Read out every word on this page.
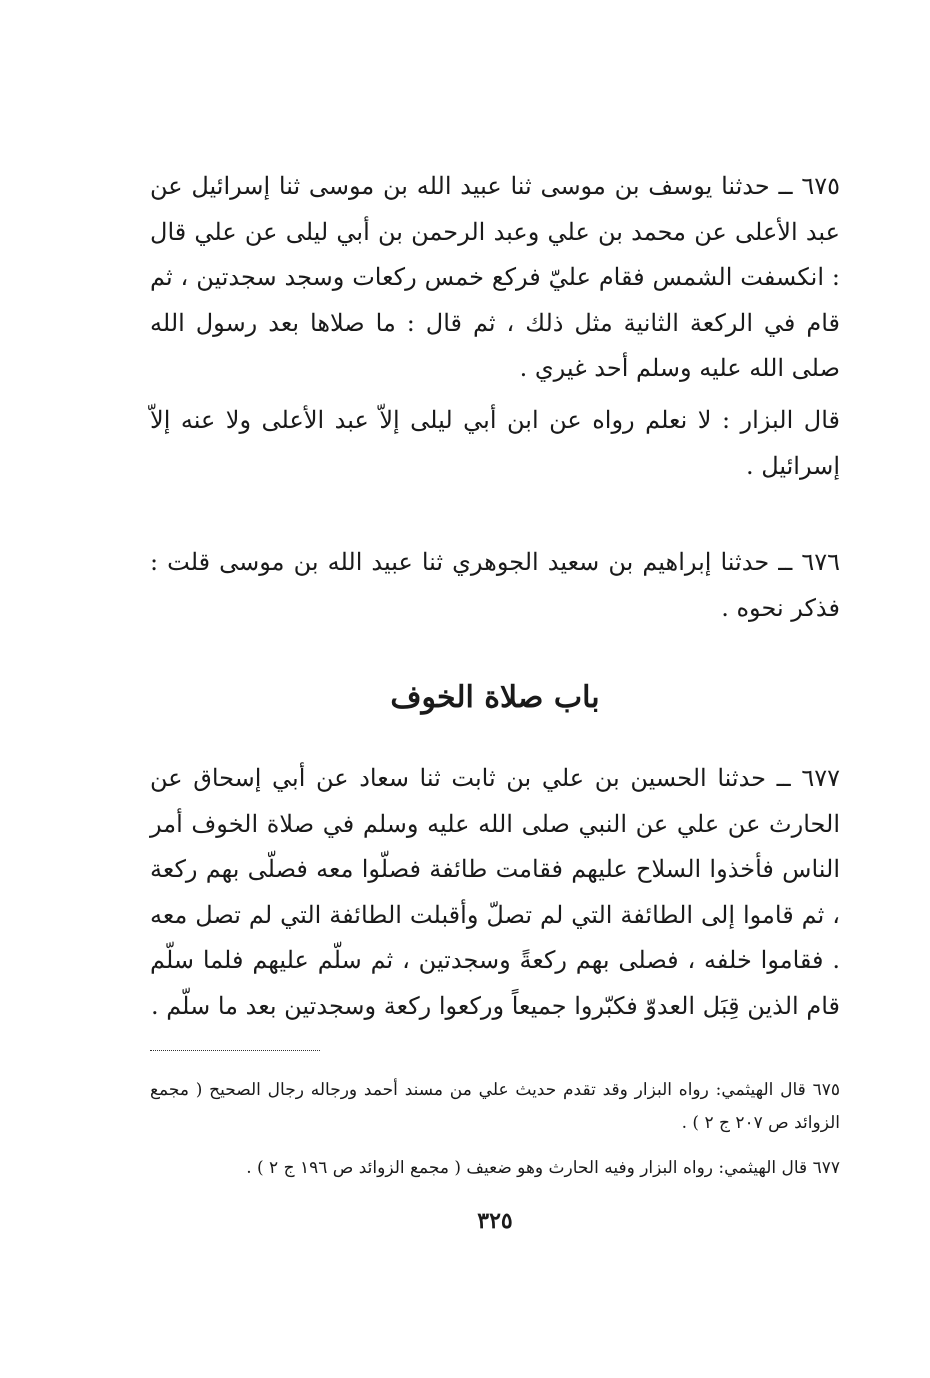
٦٧٥ ــ حدثنا يوسف بن موسى ثنا عبيد الله بن موسى ثنا إسرائيل عن عبد الأعلى عن محمد بن علي وعبد الرحمن بن أبي ليلى عن علي قال : انكسفت الشمس فقام عليّ فركع خمس ركعات وسجد سجدتين ، ثم قام في الركعة الثانية مثل ذلك ، ثم قال : ما صلاها بعد رسول الله صلى الله عليه وسلم أحد غيري .

قال البزار : لا نعلم رواه عن ابن أبي ليلى إلاّ عبد الأعلى ولا عنه إلاّ إسرائيل .

٦٧٦ ــ حدثنا إبراهيم بن سعيد الجوهري ثنا عبيد الله بن موسى قلت : فذكر نحوه .

باب صلاة الخوف

٦٧٧ ــ حدثنا الحسين بن علي بن ثابت ثنا سعاد عن أبي إسحاق عن الحارث عن علي عن النبي صلى الله عليه وسلم في صلاة الخوف أمر الناس فأخذوا السلاح عليهم فقامت طائفة فصلّوا معه فصلّى بهم ركعة ، ثم قاموا إلى الطائفة التي لم تصلّ وأقبلت الطائفة التي لم تصل معه . فقاموا خلفه ، فصلى بهم ركعةً وسجدتين ، ثم سلّم عليهم فلما سلّم قام الذين قِبَل العدوّ فكبّروا جميعاً وركعوا ركعة وسجدتين بعد ما سلّم .

٦٧٥ قال الهيثمي: رواه البزار وقد تقدم حديث علي من مسند أحمد ورجاله رجال الصحيح ( مجمع الزوائد ص ٢٠٧ ج ٢ ) .

٦٧٧ قال الهيثمي: رواه البزار وفيه الحارث وهو ضعيف ( مجمع الزوائد ص ١٩٦ ج ٢ ) .

٣٢٥
